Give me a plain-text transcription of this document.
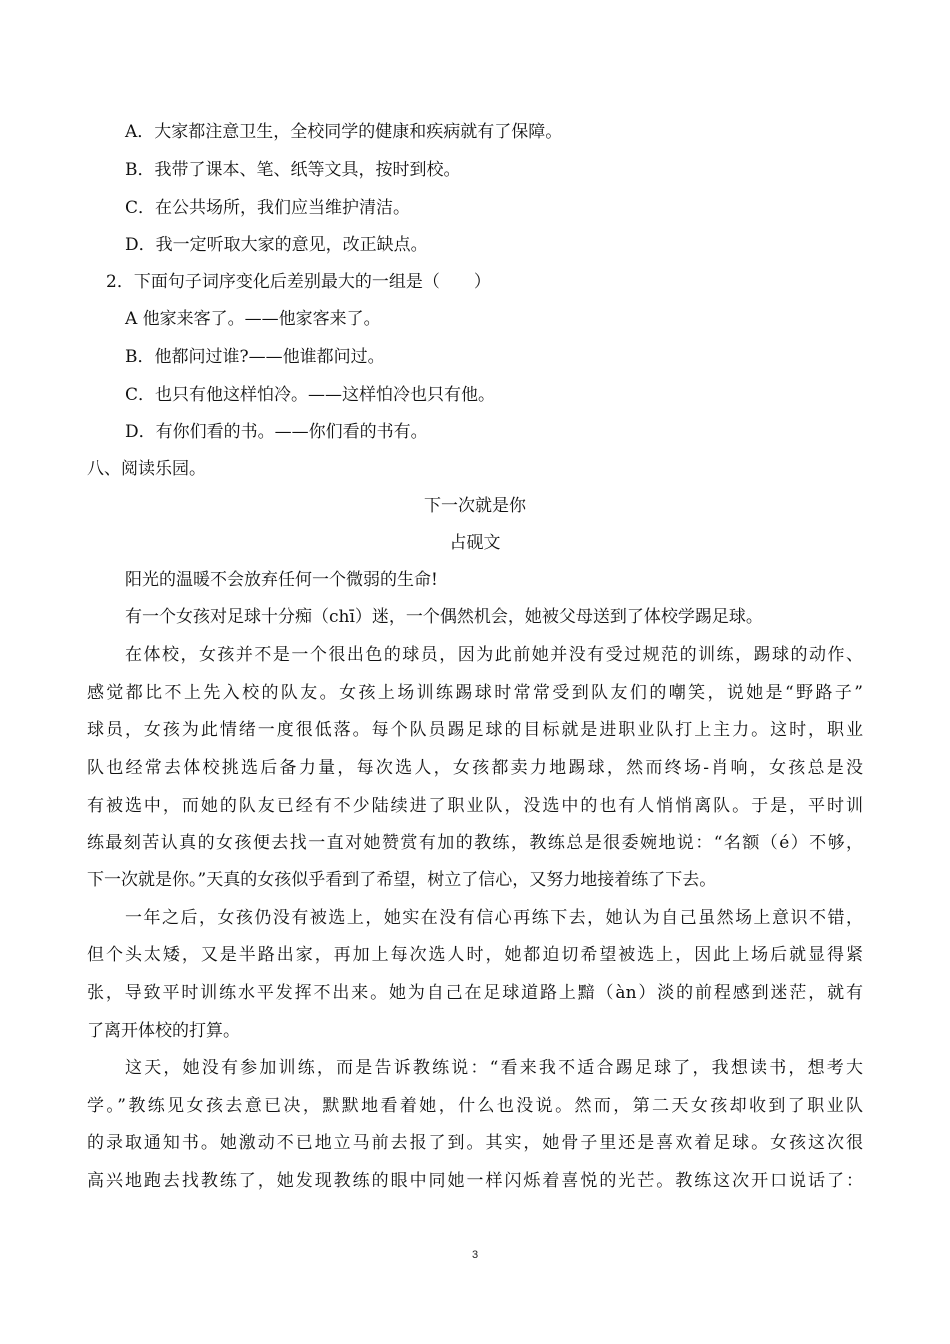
A．大家都注意卫生，全校同学的健康和疾病就有了保障。
B．我带了课本、笔、纸等文具，按时到校。
C．在公共场所，我们应当维护清洁。
D．我一定听取大家的意见，改正缺点。
2．下面句子词序变化后差别最大的一组是（　　）
A 他家来客了。——他家客来了。
B．他都问过谁?——他谁都问过。
C．也只有他这样怕冷。——这样怕冷也只有他。
D．有你们看的书。——你们看的书有。
八、阅读乐园。
下一次就是你
占砚文
阳光的温暖不会放弃任何一个微弱的生命!
有一个女孩对足球十分痴（chī）迷，一个偶然机会，她被父母送到了体校学踢足球。
在体校，女孩并不是一个很出色的球员，因为此前她并没有受过规范的训练，踢球的动作、
感觉都比不上先入校的队友。女孩上场训练踢球时常常受到队友们的嘲笑，说她是“野路子”
球员，女孩为此情绪一度很低落。每个队员踢足球的目标就是进职业队打上主力。这时，职业
队也经常去体校挑选后备力量，每次选人，女孩都卖力地踢球，然而终场-肖响，女孩总是没
有被选中，而她的队友已经有不少陆续进了职业队，没选中的也有人悄悄离队。于是，平时训
练最刻苦认真的女孩便去找一直对她赞赏有加的教练，教练总是很委婉地说：“名额（é）不够，
下一次就是你。”天真的女孩似乎看到了希望，树立了信心，又努力地接着练了下去。
一年之后，女孩仍没有被选上，她实在没有信心再练下去，她认为自己虽然场上意识不错，
但个头太矮，又是半路出家，再加上每次选人时，她都迫切希望被选上，因此上场后就显得紧
张，导致平时训练水平发挥不出来。她为自己在足球道路上黯（àn）淡的前程感到迷茫，就有
了离开体校的打算。
这天，她没有参加训练，而是告诉教练说：“看来我不适合踢足球了，我想读书，想考大
学。”教练见女孩去意已决，默默地看着她，什么也没说。然而，第二天女孩却收到了职业队
的录取通知书。她激动不已地立马前去报了到。其实，她骨子里还是喜欢着足球。女孩这次很
高兴地跑去找教练了，她发现教练的眼中同她一样闪烁着喜悦的光芒。教练这次开口说话了：
3
